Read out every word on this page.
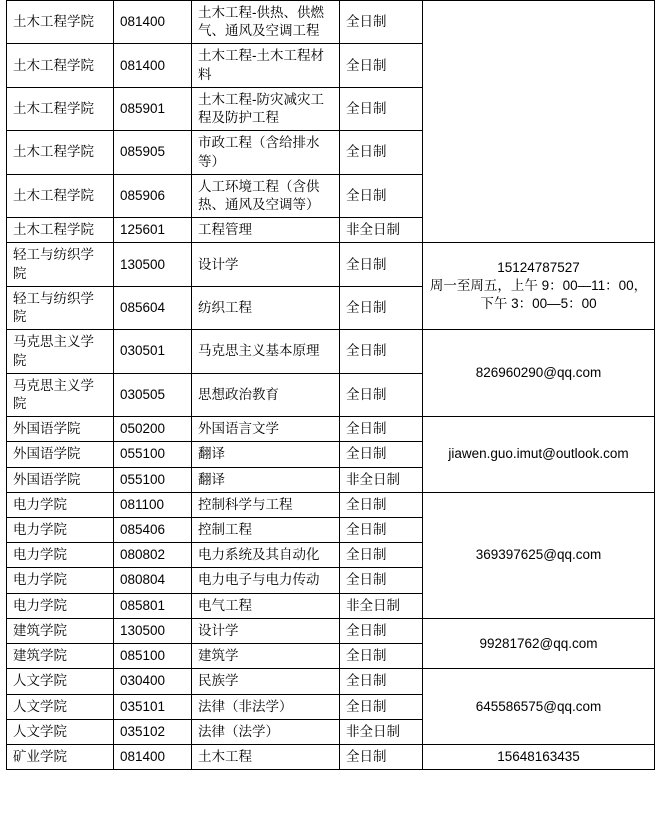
土木工程学院	081400	土木工程-供热、供燃气、通风及空调工程	全日制	
土木工程学院	081400	土木工程-土木工程材料	全日制	
土木工程学院	085901	土木工程-防灾减灾工程及防护工程	全日制	
土木工程学院	085905	市政工程（含给排水等）	全日制	
土木工程学院	085906	人工环境工程（含供热、通风及空调等）	全日制	
土木工程学院	125601	工程管理	非全日制	
轻工与纺织学院	130500	设计学	全日制	15124787527
周一至周五，上午 9：00—11：00，下午 3：00—5：00

轻工与纺织学院	085604	纺织工程	全日制	
马克思主义学院	030501	马克思主义基本原理	全日制	826960290@qq.com

马克思主义学院	030505	思想政治教育	全日制	
外国语学院	050200	外国语言文学	全日制	jiawen.guo.imut@outlook.com

外国语学院	055100	翻译	全日制	
外国语学院	055100	翻译	非全日制	
电力学院	081100	控制科学与工程	全日制	369397625@qq.com

电力学院	085406	控制工程	全日制	
电力学院	080802	电力系统及其自动化	全日制	
电力学院	080804	电力电子与电力传动	全日制	
电力学院	085801	电气工程	非全日制	
建筑学院	130500	设计学	全日制	99281762@qq.com

建筑学院	085100	建筑学	全日制	
人文学院	030400	民族学	全日制	645586575@qq.com

人文学院	035101	法律（非法学）	全日制	
人文学院	035102	法律（法学）	非全日制	
矿业学院	081400	土木工程	全日制	15648163435
